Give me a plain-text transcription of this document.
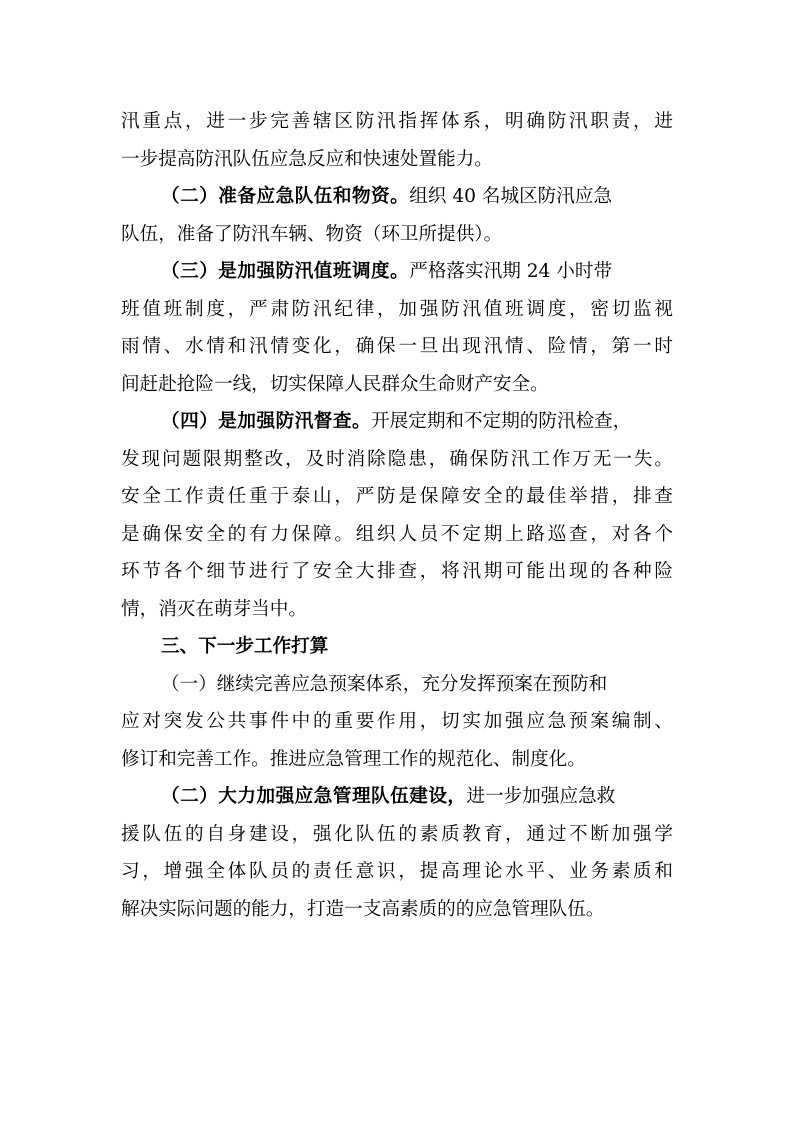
汛重点，进一步完善辖区防汛指挥体系，明确防汛职责，进
一步提高防汛队伍应急反应和快速处置能力。
（二）准备应急队伍和物资。组织 40 名城区防汛应急
队伍，准备了防汛车辆、物资（环卫所提供）。
（三）是加强防汛值班调度。严格落实汛期 24 小时带
班值班制度，严肃防汛纪律，加强防汛值班调度，密切监视
雨情、水情和汛情变化，确保一旦出现汛情、险情，第一时
间赶赴抢险一线，切实保障人民群众生命财产安全。
（四）是加强防汛督查。开展定期和不定期的防汛检查，
发现问题限期整改，及时消除隐患，确保防汛工作万无一失。
安全工作责任重于泰山，严防是保障安全的最佳举措，排查
是确保安全的有力保障。组织人员不定期上路巡查，对各个
环节各个细节进行了安全大排查，将汛期可能出现的各种险
情，消灭在萌芽当中。
三、下一步工作打算
（一）继续完善应急预案体系，充分发挥预案在预防和
应对突发公共事件中的重要作用，切实加强应急预案编制、
修订和完善工作。推进应急管理工作的规范化、制度化。
（二）大力加强应急管理队伍建设，进一步加强应急救
援队伍的自身建设，强化队伍的素质教育，通过不断加强学
习，增强全体队员的责任意识，提高理论水平、业务素质和
解决实际问题的能力，打造一支高素质的的应急管理队伍。
